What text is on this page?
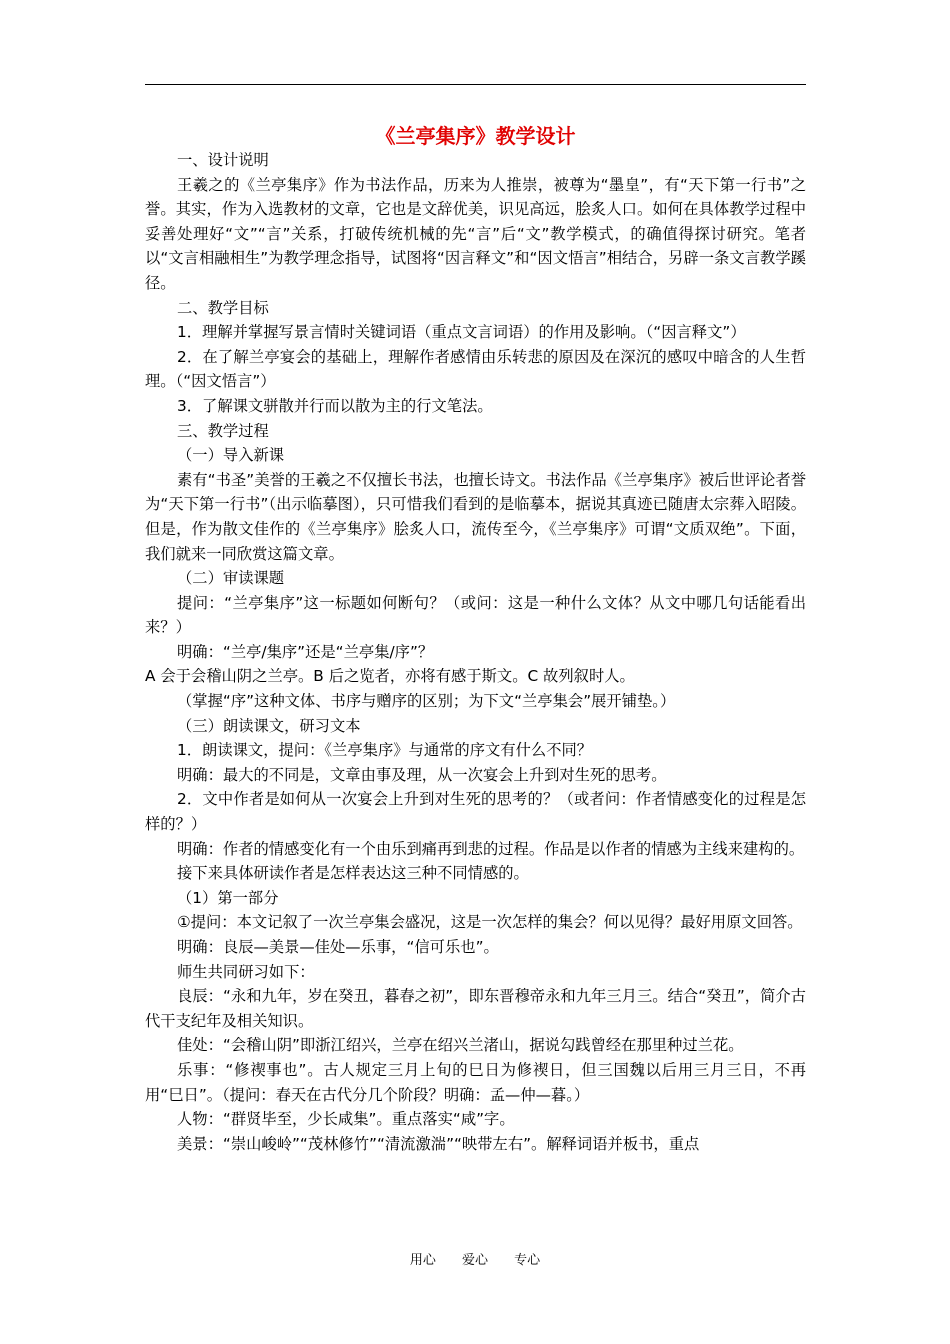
《兰亭集序》教学设计

一、设计说明

王羲之的《兰亭集序》作为书法作品，历来为人推崇，被尊为“墨皇”，有“天下第一行书”之誉。其实，作为入选教材的文章，它也是文辞优美，识见高远，脍炙人口。如何在具体教学过程中妥善处理好“文”“言”关系，打破传统机械的先“言”后“文”教学模式，的确值得探讨研究。笔者以“文言相融相生”为教学理念指导，试图将“因言释文”和“因文悟言”相结合，另辟一条文言教学蹊径。

二、教学目标

1．理解并掌握写景言情时关键词语（重点文言词语）的作用及影响。（“因言释文”）

2．在了解兰亭宴会的基础上，理解作者感情由乐转悲的原因及在深沉的感叹中暗含的人生哲理。（“因文悟言”）

3．了解课文骈散并行而以散为主的行文笔法。

三、教学过程

（一）导入新课

素有“书圣”美誉的王羲之不仅擅长书法，也擅长诗文。书法作品《兰亭集序》被后世评论者誉为“天下第一行书”（出示临摹图），只可惜我们看到的是临摹本，据说其真迹已随唐太宗葬入昭陵。但是，作为散文佳作的《兰亭集序》脍炙人口，流传至今，《兰亭集序》可谓“文质双绝”。下面，我们就来一同欣赏这篇文章。

（二）审读课题

提问：“兰亭集序”这一标题如何断句？（或问：这是一种什么文体？从文中哪几句话能看出来？）

明确：“兰亭/集序”还是“兰亭集/序”？

A 会于会稽山阴之兰亭。B 后之览者，亦将有感于斯文。C 故列叙时人。

（掌握“序”这种文体、书序与赠序的区别；为下文“兰亭集会”展开铺垫。）

（三）朗读课文，研习文本

1．朗读课文，提问：《兰亭集序》与通常的序文有什么不同？

明确：最大的不同是，文章由事及理，从一次宴会上升到对生死的思考。

2．文中作者是如何从一次宴会上升到对生死的思考的？（或者问：作者情感变化的过程是怎样的？）

明确：作者的情感变化有一个由乐到痛再到悲的过程。作品是以作者的情感为主线来建构的。

接下来具体研读作者是怎样表达这三种不同情感的。

（1）第一部分

①提问：本文记叙了一次兰亭集会盛况，这是一次怎样的集会？何以见得？最好用原文回答。

明确：良辰—美景—佳处—乐事，“信可乐也”。

师生共同研习如下：

良辰：“永和九年，岁在癸丑，暮春之初”，即东晋穆帝永和九年三月三。结合“癸丑”，简介古代干支纪年及相关知识。

佳处：“会稽山阴”即浙江绍兴，兰亭在绍兴兰渚山，据说勾践曾经在那里种过兰花。

乐事：“修禊事也”。古人规定三月上旬的巳日为修禊日，但三国魏以后用三月三日，不再用“巳日”。（提问：春天在古代分几个阶段？明确：孟—仲—暮。）

人物：“群贤毕至，少长咸集”。重点落实“咸”字。

美景：“崇山峻岭”“茂林修竹”“清流激湍”“映带左右”。解释词语并板书，重点

用心 爱心 专心
